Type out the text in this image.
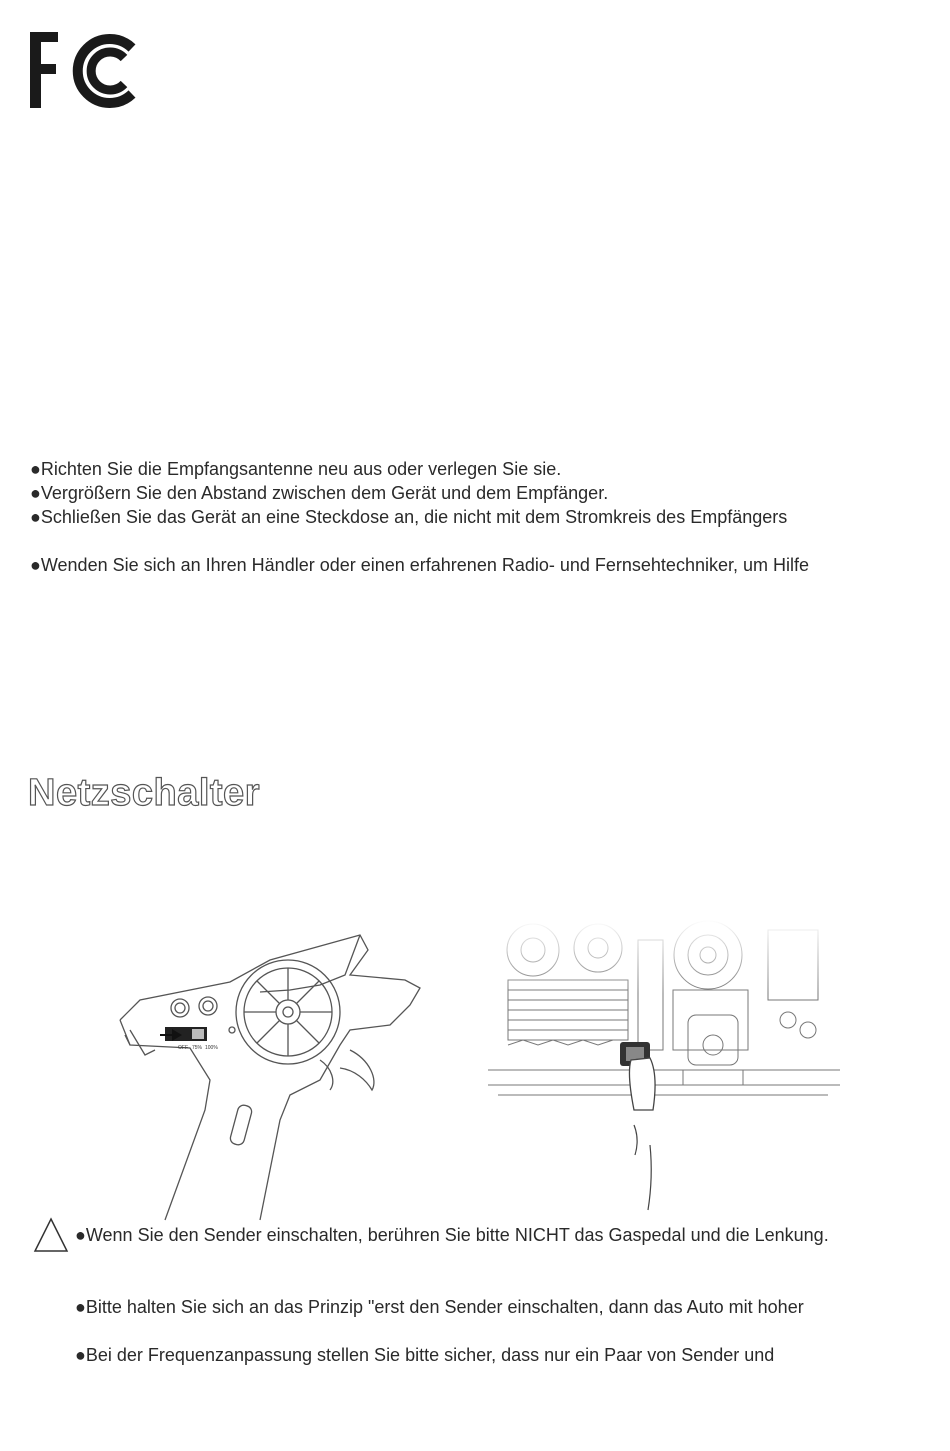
●Richten Sie die Empfangsantenne neu aus oder verlegen Sie sie.
●Vergrößern Sie den Abstand zwischen dem Gerät und dem Empfänger.
●Schließen Sie das Gerät an eine Steckdose an, die nicht mit dem Stromkreis des Empfängers
●Wenden Sie sich an Ihren Händler oder einen erfahrenen Radio- und Fernsehtechniker, um Hilfe
Netzschalter
OFF 75% 100%
●Wenn Sie den Sender einschalten, berühren Sie bitte NICHT das Gaspedal und die Lenkung.
●Bitte halten Sie sich an das Prinzip "erst den Sender einschalten, dann das Auto mit hoher
●Bei der Frequenzanpassung stellen Sie bitte sicher, dass nur ein Paar von Sender und
